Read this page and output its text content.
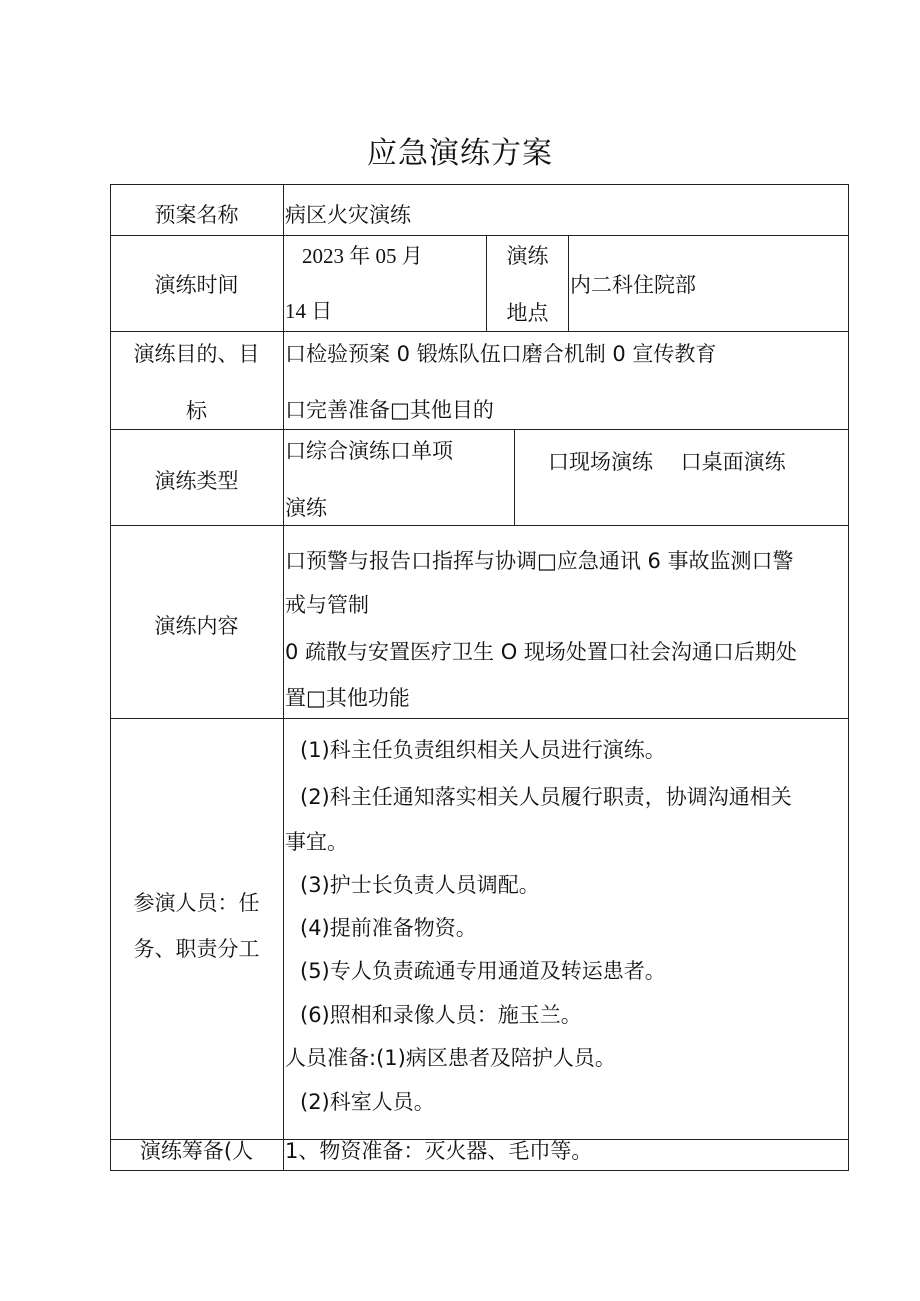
应急演练方案
预案名称	病区火灾演练
演练时间
2023 年 05 月
14 日
演练
地点
内二科住院部
演练目的、目
标
口检验预案 0 锻炼队伍口磨合机制 0 宣传教育
口完善准备□其他目的
演练类型
口综合演练口单项
演练
口现场演练　 口桌面演练
演练内容
口预警与报告口指挥与协调□应急通讯 6 事故监测口警
戒与管制
0 疏散与安置医疗卫生 O 现场处置口社会沟通口后期处
置□其他功能
参演人员：任
务、职责分工
(1)科主任负责组织相关人员进行演练。
(2)科主任通知落实相关人员履行职责，协调沟通相关
事宜。
(3)护士长负责人员调配。
(4)提前准备物资。
(5)专人负责疏通专用通道及转运患者。
(6)照相和录像人员：施玉兰。
人员准备:(1)病区患者及陪护人员。
(2)科室人员。
演练筹备(人	1、物资准备：灭火器、毛巾等。
